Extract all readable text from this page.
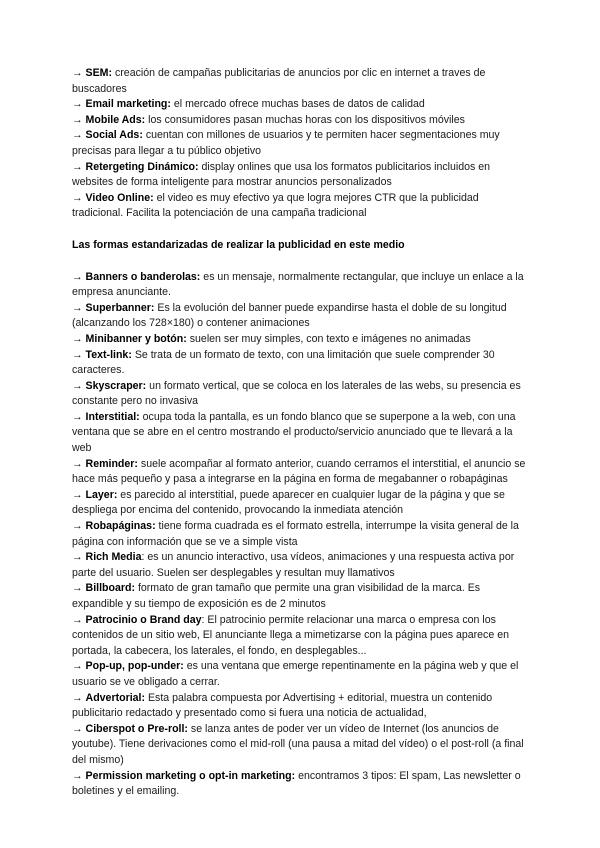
→ SEM: creación de campañas publicitarias de anuncios por clic en internet a traves de buscadores

→ Email marketing: el mercado ofrece muchas bases de datos de calidad

→ Mobile Ads: los consumidores pasan muchas horas con los dispositivos móviles

→ Social Ads: cuentan con millones de usuarios y te permiten hacer segmentaciones muy precisas para llegar a tu público objetivo

→ Retergeting Dinámico: display onlines que usa los formatos publicitarios incluidos en websites de forma inteligente para mostrar anuncios personalizados

→ Video Online: el video es muy efectivo ya que logra mejores CTR que la publicidad tradicional. Facilita la potenciación de una campaña tradicional

Las formas estandarizadas de realizar la publicidad en este medio

→ Banners o banderolas: es un mensaje, normalmente rectangular, que incluye un enlace a la empresa anunciante.

→ Superbanner: Es la evolución del banner puede expandirse hasta el doble de su longitud (alcanzando los 728×180) o contener animaciones

→ Minibanner y botón: suelen ser muy simples, con texto e imágenes no animadas

→ Text-link: Se trata de un formato de texto, con una limitación que suele comprender 30 caracteres.

→ Skyscraper: un formato vertical, que se coloca en los laterales de las webs, su presencia es constante pero no invasiva

→ Interstitial: ocupa toda la pantalla, es un fondo blanco que se superpone a la web, con una ventana que se abre en el centro mostrando el producto/servicio anunciado que te llevará a la web

→ Reminder: suele acompañar al formato anterior, cuando cerramos el interstitial, el anuncio se hace más pequeño y pasa a integrarse en la página en forma de megabanner o robapáginas

→ Layer: es parecido al interstitial, puede aparecer en cualquier lugar de la página y que se despliega por encima del contenido, provocando la inmediata atención

→ Robapáginas: tiene forma cuadrada es el formato estrella, interrumpe la visita general de la página con información que se ve a simple vista

→ Rich Media: es un anuncio interactivo, usa vídeos, animaciones y una respuesta activa por parte del usuario. Suelen ser desplegables y resultan muy llamativos

→ Billboard: formato de gran tamaño que permite una gran visibilidad de la marca. Es expandible y su tiempo de exposición es de 2 minutos

→ Patrocinio o Brand day: El patrocinio permite relacionar una marca o empresa con los contenidos de un sitio web, El anunciante llega a mimetizarse con la página pues aparece en portada, la cabecera, los laterales, el fondo, en desplegables...

→ Pop-up, pop-under: es una ventana que emerge repentinamente en la página web y que el usuario se ve obligado a cerrar.

→ Advertorial: Esta palabra compuesta por Advertising + editorial, muestra un contenido publicitario redactado y presentado como si fuera una noticia de actualidad,

→ Ciberspot o Pre-roll: se lanza antes de poder ver un vídeo de Internet (los anuncios de youtube). Tiene derivaciones como el mid-roll (una pausa a mitad del vídeo) o el post-roll (a final del mismo)

→ Permission marketing o opt-in marketing: encontramos 3 tipos: El spam, Las newsletter o boletines y el emailing.
